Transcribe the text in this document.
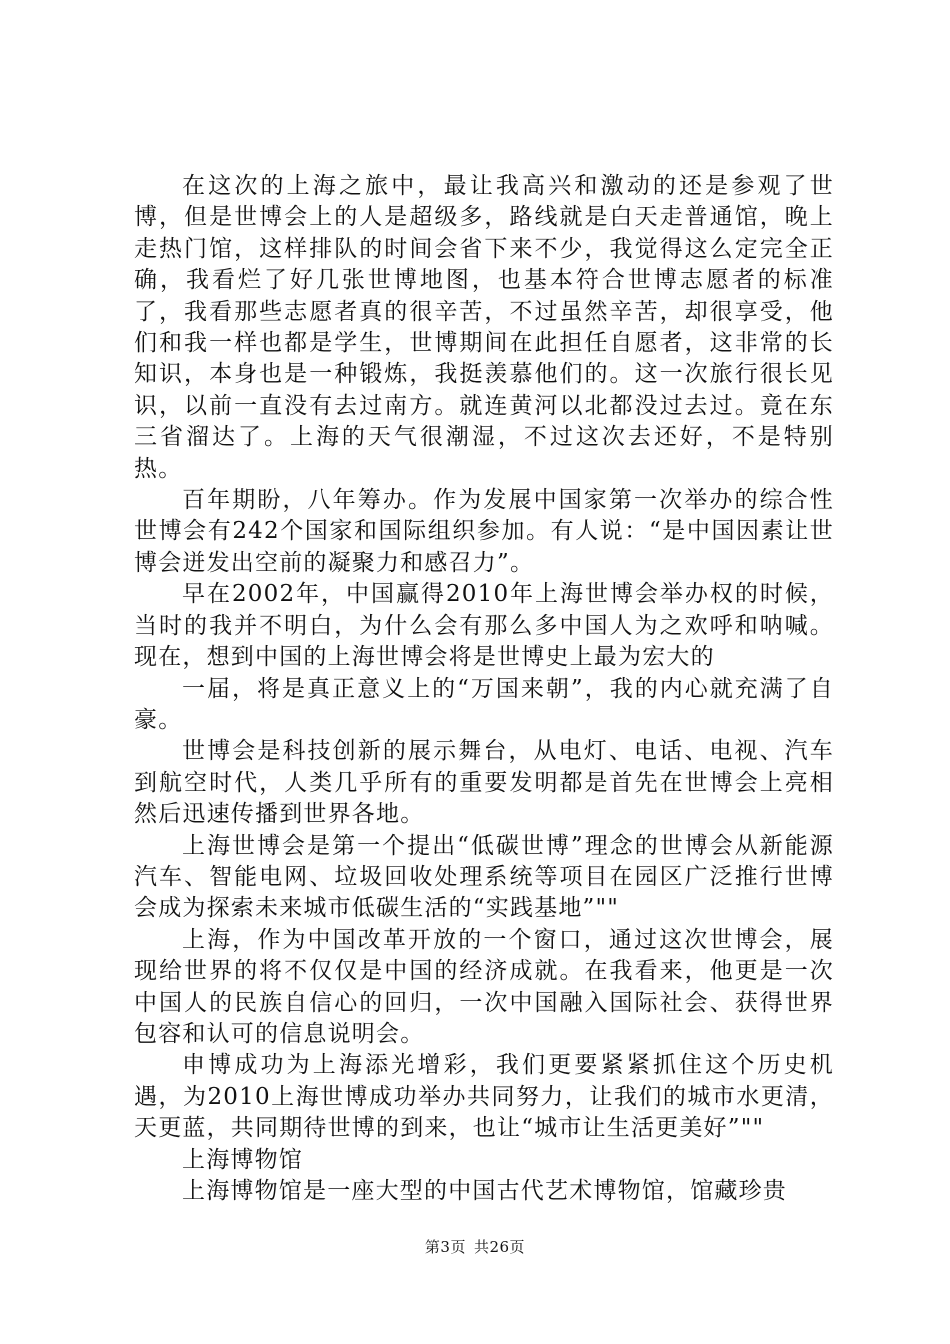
在这次的上海之旅中，最让我高兴和激动的还是参观了世博，但是世博会上的人是超级多，路线就是白天走普通馆，晚上走热门馆，这样排队的时间会省下来不少，我觉得这么定完全正确，我看烂了好几张世博地图，也基本符合世博志愿者的标准了，我看那些志愿者真的很辛苦，不过虽然辛苦，却很享受，他们和我一样也都是学生，世博期间在此担任自愿者，这非常的长知识，本身也是一种锻炼，我挺羡慕他们的。这一次旅行很长见识，以前一直没有去过南方。就连黄河以北都没过去过。竟在东三省溜达了。上海的天气很潮湿，不过这次去还好，不是特别热。

百年期盼，八年筹办。作为发展中国家第一次举办的综合性世博会有242个国家和国际组织参加。有人说：“是中国因素让世博会迸发出空前的凝聚力和感召力”。

早在2002年，中国赢得2010年上海世博会举办权的时候，当时的我并不明白，为什么会有那么多中国人为之欢呼和呐喊。现在，想到中国的上海世博会将是世博史上最为宏大的

一届，将是真正意义上的“万国来朝”，我的内心就充满了自豪。

世博会是科技创新的展示舞台，从电灯、电话、电视、汽车到航空时代，人类几乎所有的重要发明都是首先在世博会上亮相然后迅速传播到世界各地。

上海世博会是第一个提出“低碳世博”理念的世博会从新能源汽车、智能电网、垃圾回收处理系统等项目在园区广泛推行世博会成为探索未来城市低碳生活的“实践基地”""

上海，作为中国改革开放的一个窗口，通过这次世博会，展现给世界的将不仅仅是中国的经济成就。在我看来，他更是一次中国人的民族自信心的回归，一次中国融入国际社会、获得世界包容和认可的信息说明会。

申博成功为上海添光增彩，我们更要紧紧抓住这个历史机遇，为2010上海世博成功举办共同努力，让我们的城市水更清，天更蓝，共同期待世博的到来，也让“城市让生活更美好”""

上海博物馆

上海博物馆是一座大型的中国古代艺术博物馆，馆藏珍贵

第3页 共26页
